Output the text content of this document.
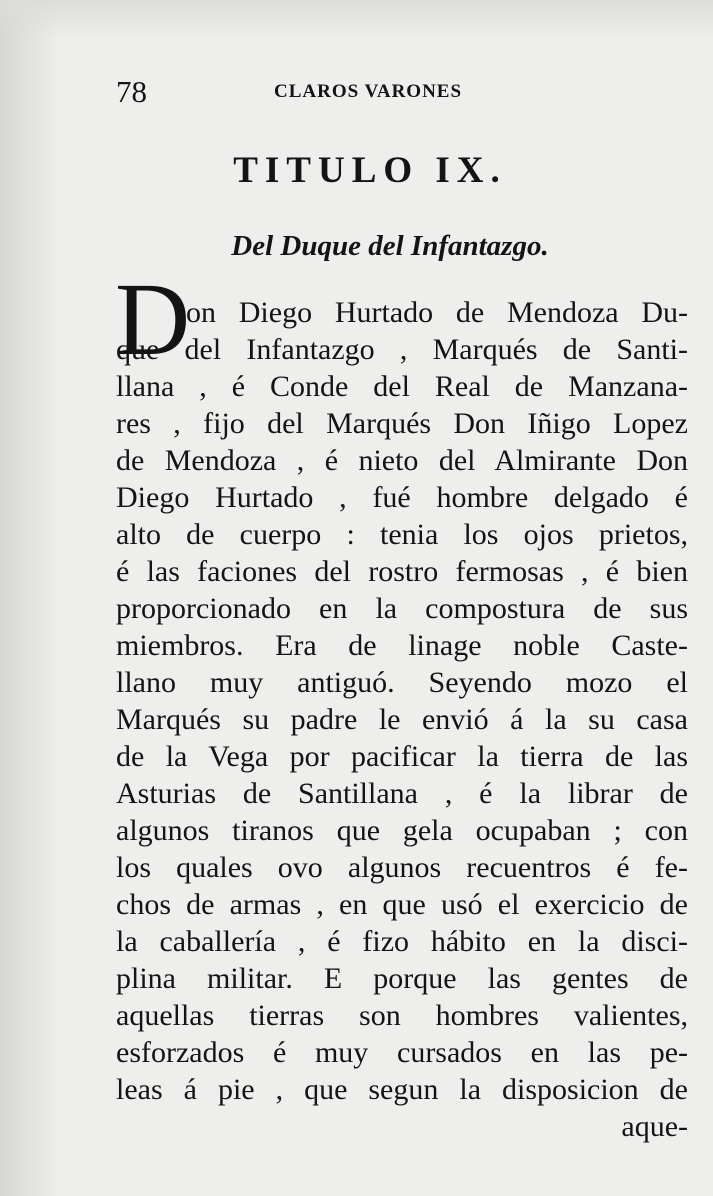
78	CLAROS VARONES
TITULO IX.
Del Duque del Infantazgo.
D
on Diego Hurtado de Mendoza Du-
que del Infantazgo , Marqués de Santi-
llana , é Conde del Real de Manzana-
res , fijo del Marqués Don Iñigo Lopez
de Mendoza , é nieto del Almirante Don
Diego Hurtado , fué hombre delgado é
alto de cuerpo : tenia los ojos prietos,
é las faciones del rostro fermosas , é bien
proporcionado en la compostura de sus
miembros. Era de linage noble Caste-
llano muy antiguó. Seyendo mozo el
Marqués su padre le envió á la su casa
de la Vega por pacificar la tierra de las
Asturias de Santillana , é la librar de
algunos tiranos que gela ocupaban ; con
los quales ovo algunos recuentros é fe-
chos de armas , en que usó el exercicio de
la caballería , é fizo hábito en la disci-
plina militar. E porque las gentes de
aquellas tierras son hombres valientes,
esforzados é muy cursados en las pe-
leas á pie , que segun la disposicion de
aque-
